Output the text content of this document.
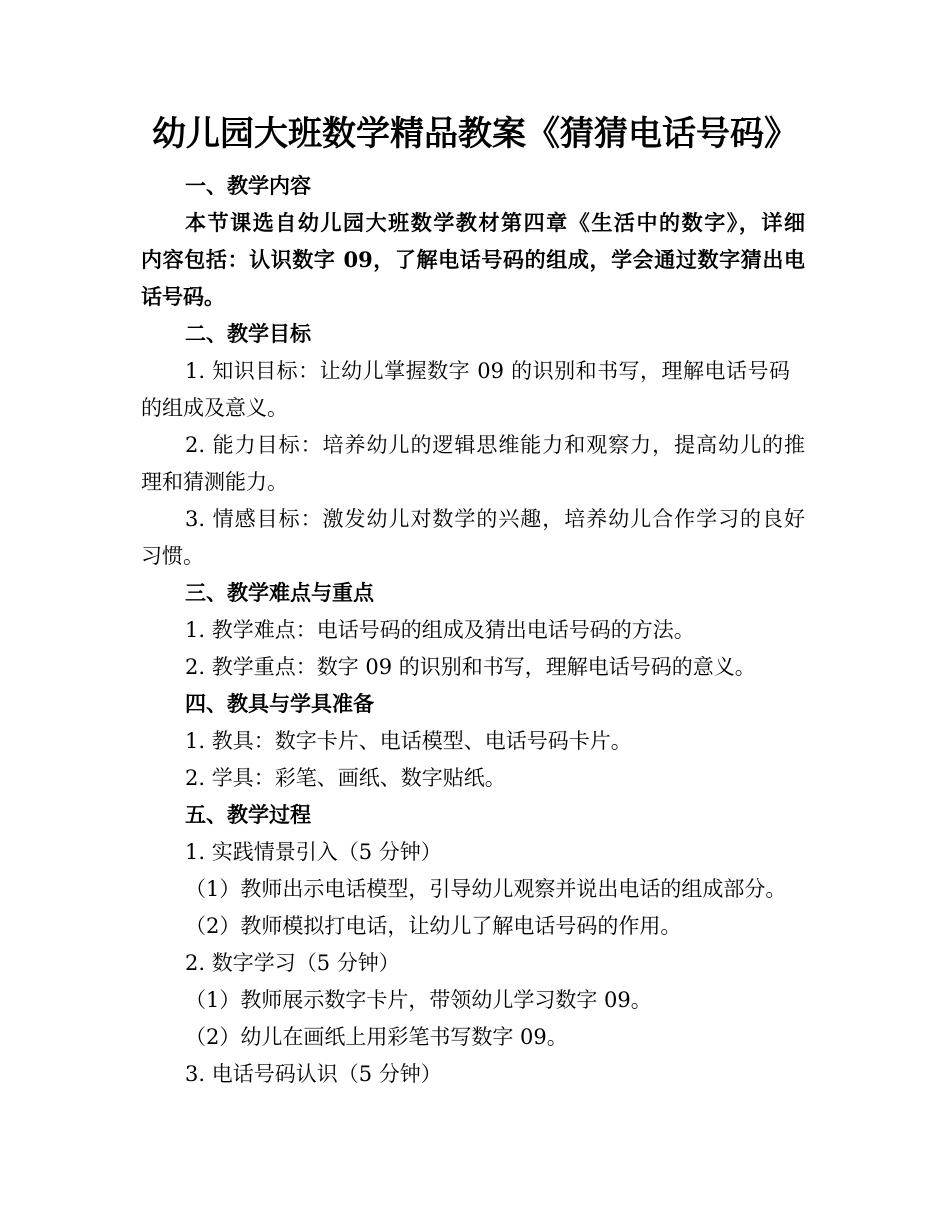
幼儿园大班数学精品教案《猜猜电话号码》
一、教学内容
本节课选自幼儿园大班数学教材第四章《生活中的数字》，详细
内容包括：认识数字 09，了解电话号码的组成，学会通过数字猜出电
话号码。
二、教学目标
1. 知识目标：让幼儿掌握数字 09 的识别和书写，理解电话号码
的组成及意义。
2. 能力目标：培养幼儿的逻辑思维能力和观察力，提高幼儿的推
理和猜测能力。
3. 情感目标：激发幼儿对数学的兴趣，培养幼儿合作学习的良好
习惯。
三、教学难点与重点
1. 教学难点：电话号码的组成及猜出电话号码的方法。
2. 教学重点：数字 09 的识别和书写，理解电话号码的意义。
四、教具与学具准备
1. 教具：数字卡片、电话模型、电话号码卡片。
2. 学具：彩笔、画纸、数字贴纸。
五、教学过程
1. 实践情景引入（5 分钟）
（1）教师出示电话模型，引导幼儿观察并说出电话的组成部分。
（2）教师模拟打电话，让幼儿了解电话号码的作用。
2. 数字学习（5 分钟）
（1）教师展示数字卡片，带领幼儿学习数字 09。
（2）幼儿在画纸上用彩笔书写数字 09。
3. 电话号码认识（5 分钟）
